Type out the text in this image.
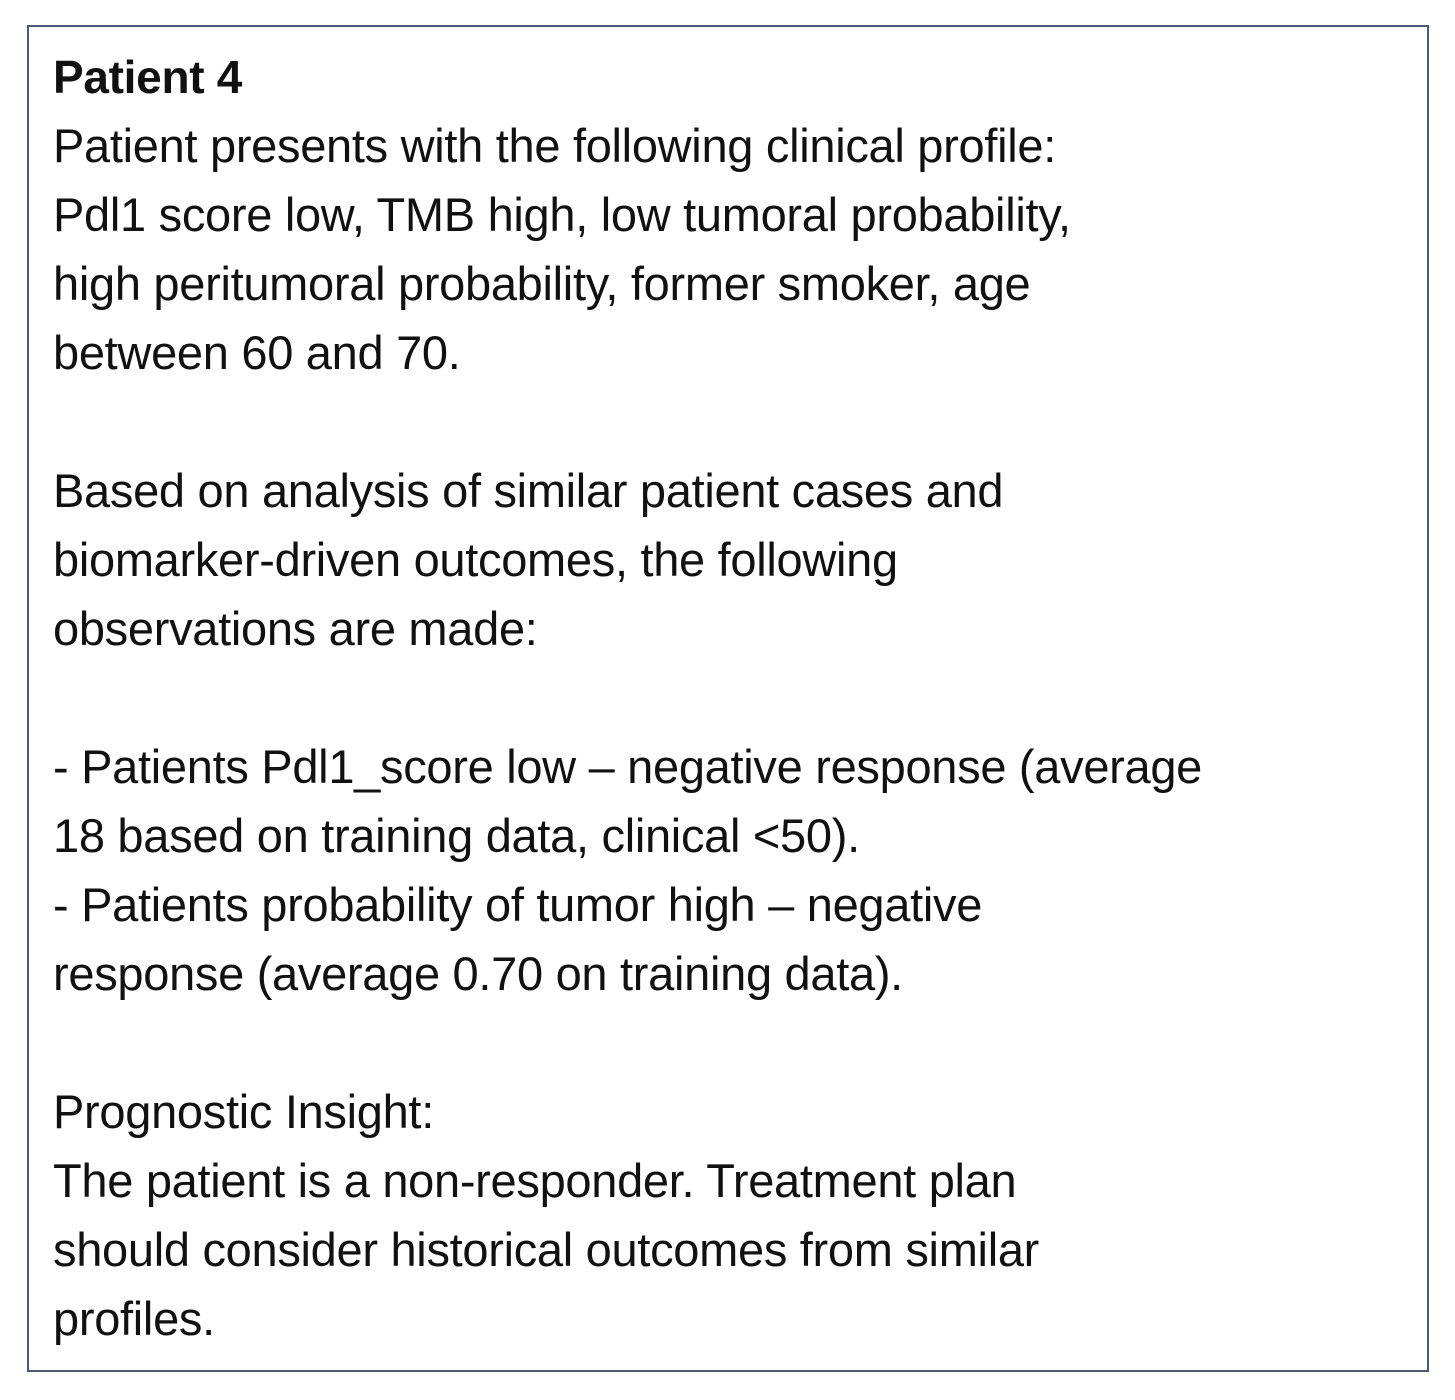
Patient 4
Patient presents with the following clinical profile:
Pdl1 score low, TMB high, low tumoral probability,
high peritumoral probability, former smoker, age
between 60 and 70.
Based on analysis of similar patient cases and
biomarker-driven outcomes, the following
observations are made:
- Patients Pdl1_score low – negative response (average
18 based on training data, clinical <50).
- Patients probability of tumor high – negative
response (average 0.70 on training data).
Prognostic Insight:
The patient is a non-responder. Treatment plan
should consider historical outcomes from similar
profiles.
